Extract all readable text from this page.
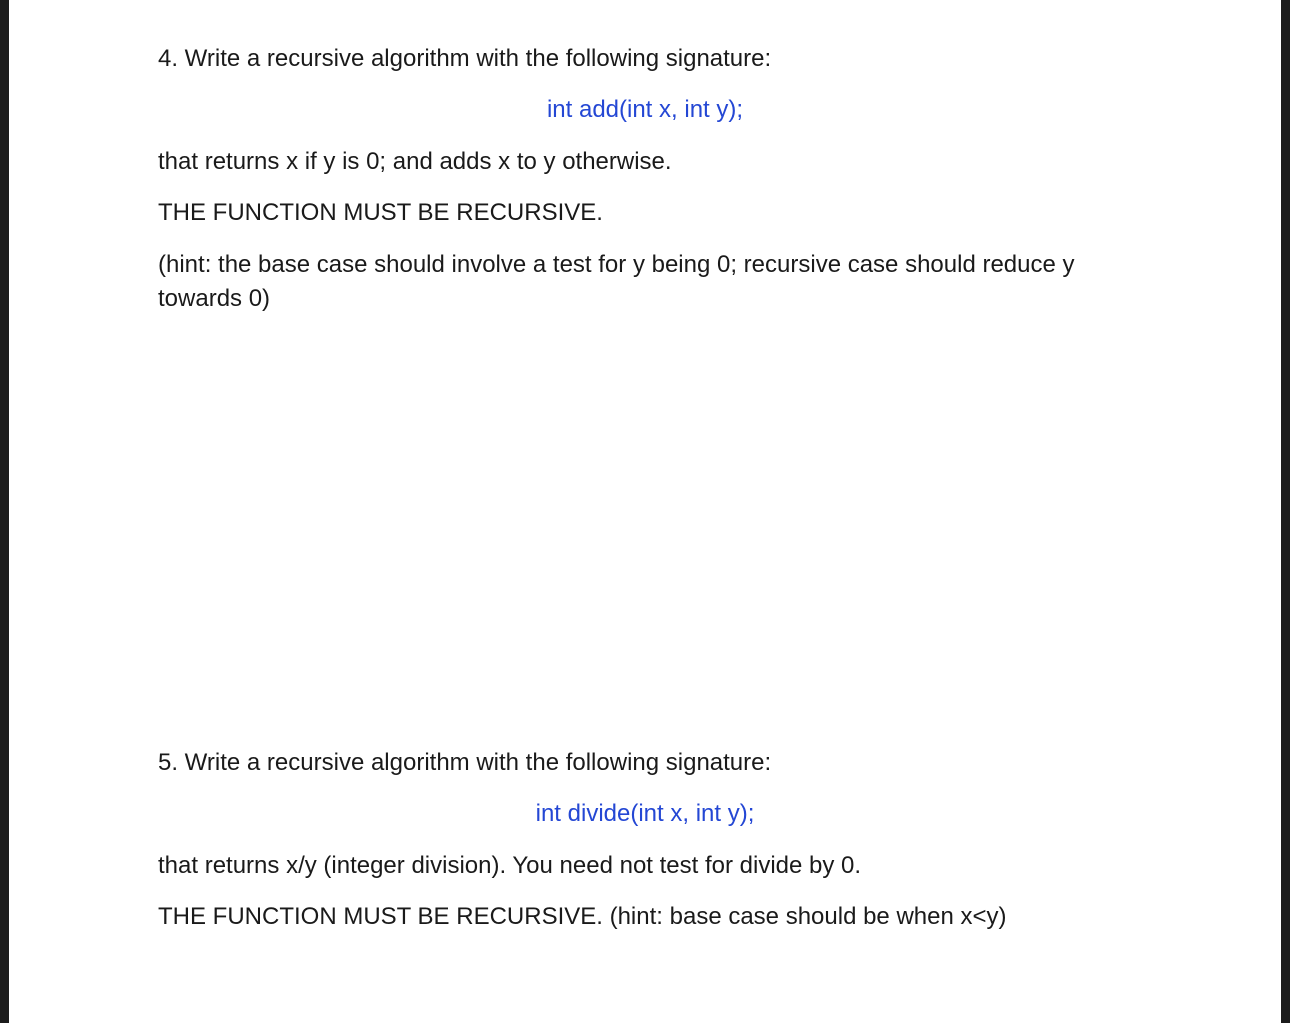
4. Write a recursive algorithm with the following signature:
int add(int x, int y);
that returns x if y is 0; and adds x to y otherwise.
THE FUNCTION MUST BE RECURSIVE.
(hint: the base case should involve a test for y being 0; recursive case should reduce y towards 0)
5. Write a recursive algorithm with the following signature:
int divide(int x, int y);
that returns x/y (integer division). You need not test for divide by 0.
THE FUNCTION MUST BE RECURSIVE. (hint: base case should be when x<y)
